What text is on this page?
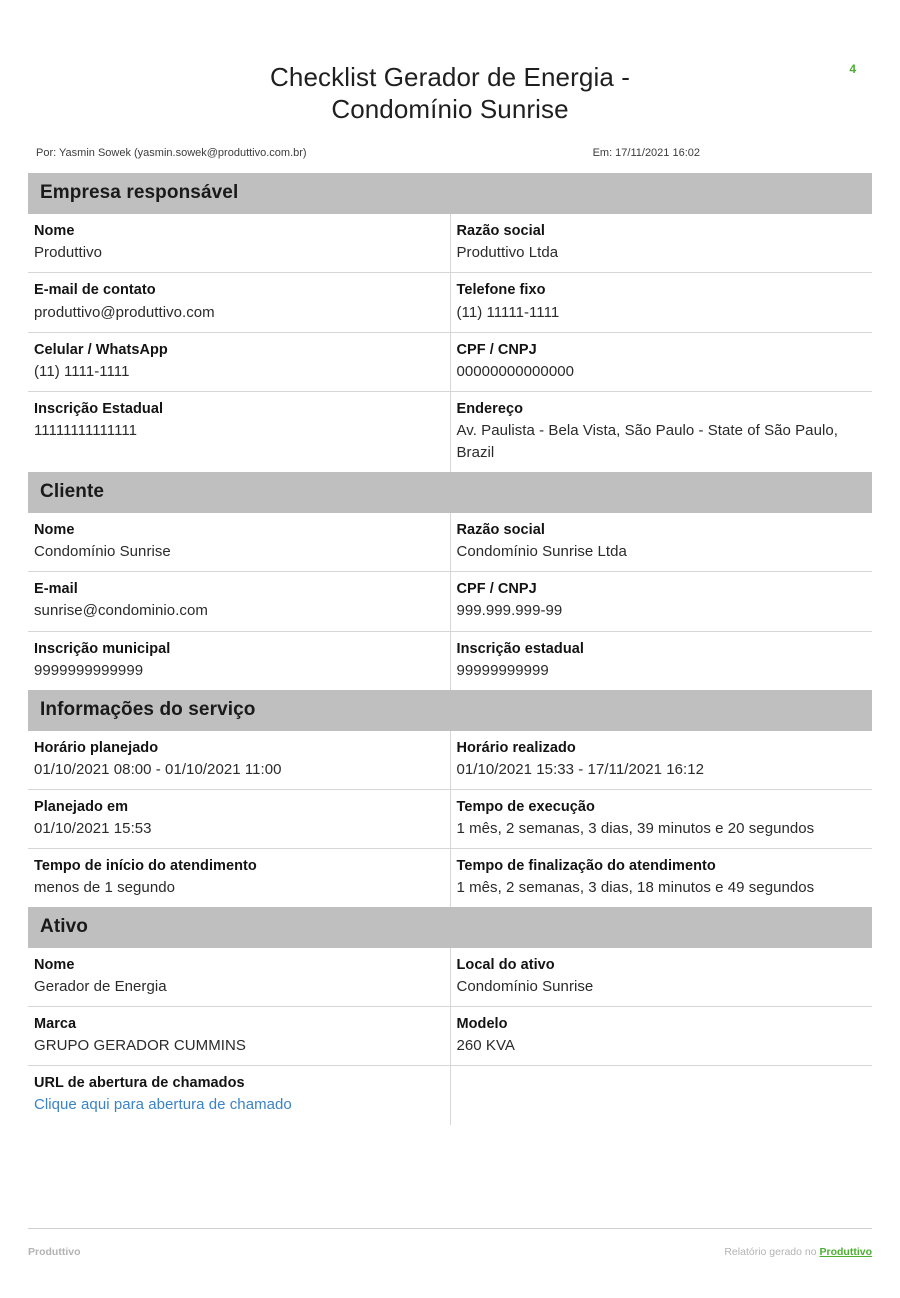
4
Checklist Gerador de Energia -
Condomínio Sunrise
Por: Yasmin Sowek (yasmin.sowek@produttivo.com.br)	Em: 17/11/2021 16:02
Empresa responsável
Nome
Produttivo

Razão social
Produttivo Ltda

E-mail de contato
produttivo@produttivo.com

Telefone fixo
(11) 11111-1111

Celular / WhatsApp
(11) 1111-1111

CPF / CNPJ
00000000000000

Inscrição Estadual
11111111111111

Endereço
Av. Paulista - Bela Vista, São Paulo - State of São Paulo, Brazil
Cliente
Nome
Condomínio Sunrise

Razão social
Condomínio Sunrise Ltda

E-mail
sunrise@condominio.com

CPF / CNPJ
999.999.999-99

Inscrição municipal
9999999999999

Inscrição estadual
99999999999
Informações do serviço
Horário planejado
01/10/2021 08:00 - 01/10/2021 11:00

Horário realizado
01/10/2021 15:33 - 17/11/2021 16:12

Planejado em
01/10/2021 15:53

Tempo de execução
1 mês, 2 semanas, 3 dias, 39 minutos e 20 segundos

Tempo de início do atendimento
menos de 1 segundo

Tempo de finalização do atendimento
1 mês, 2 semanas, 3 dias, 18 minutos e 49 segundos
Ativo
Nome
Gerador de Energia

Local do ativo
Condomínio Sunrise

Marca
GRUPO GERADOR CUMMINS

Modelo
260 KVA

URL de abertura de chamados
Clique aqui para abertura de chamado	

Produttivo	Relatório gerado no Produttivo
